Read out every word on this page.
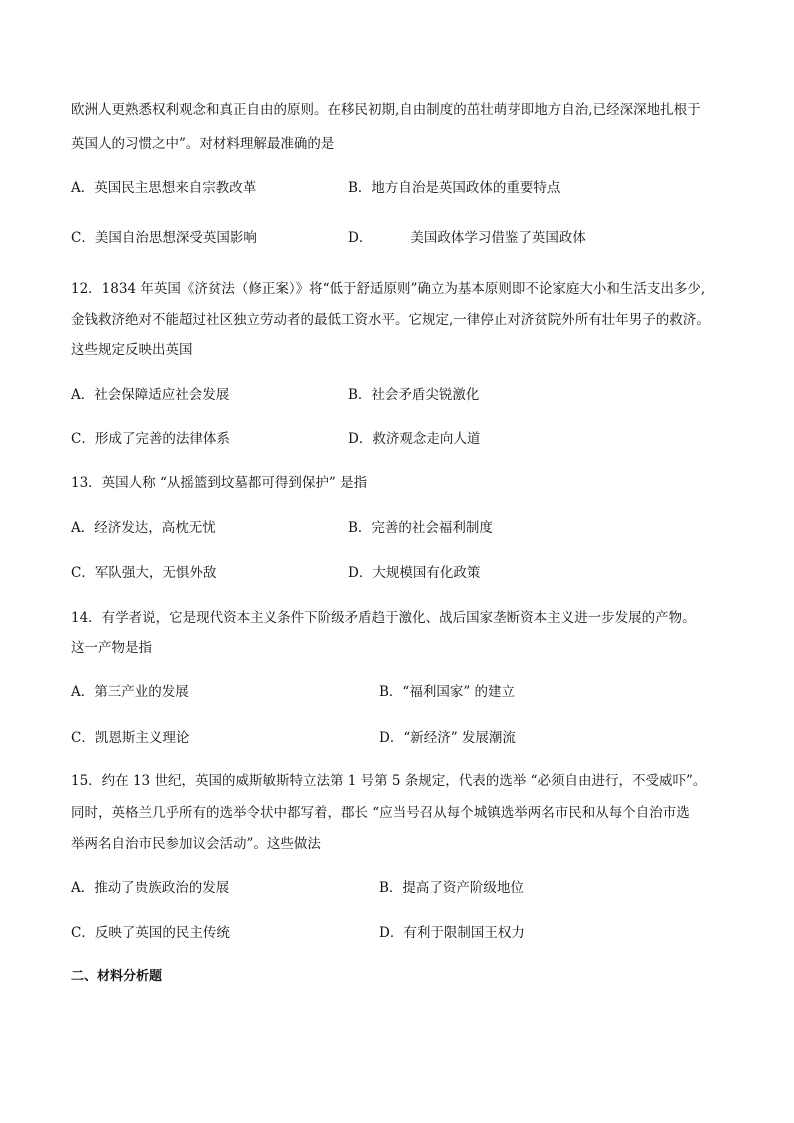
欧洲人更熟悉权利观念和真正自由的原则。在移民初期,自由制度的茁壮萌芽即地方自治,已经深深地扎根于
英国人的习惯之中”。对材料理解最准确的是
A．英国民主思想来自宗教改革	B．地方自治是英国政体的重要特点
C．美国自治思想深受英国影响	D．	美国政体学习借鉴了英国政体
12．1834 年英国《济贫法（修正案）》将“低于舒适原则”确立为基本原则即不论家庭大小和生活支出多少,
金钱救济绝对不能超过社区独立劳动者的最低工资水平。它规定,一律停止对济贫院外所有壮年男子的救济。
这些规定反映出英国
A．社会保障适应社会发展	B．社会矛盾尖锐激化
C．形成了完善的法律体系	D．救济观念走向人道
13．英国人称 “从摇篮到坟墓都可得到保护” 是指
A．经济发达，高枕无忧	B．完善的社会福利制度
C．军队强大，无惧外敌	D．大规模国有化政策
14．有学者说，它是现代资本主义条件下阶级矛盾趋于激化、战后国家垄断资本主义进一步发展的产物。
这一产物是指
A．第三产业的发展	B．“福利国家” 的建立
C．凯恩斯主义理论	D．“新经济” 发展潮流
15．约在 13 世纪，英国的威斯敏斯特立法第 1 号第 5 条规定，代表的选举 “必须自由进行，不受威吓”。
同时，英格兰几乎所有的选举令状中都写着，郡长 “应当号召从每个城镇选举两名市民和从每个自治市选
举两名自治市民参加议会活动”。这些做法
A．推动了贵族政治的发展	B．提高了资产阶级地位
C．反映了英国的民主传统	D．有利于限制国王权力
二、材料分析题
